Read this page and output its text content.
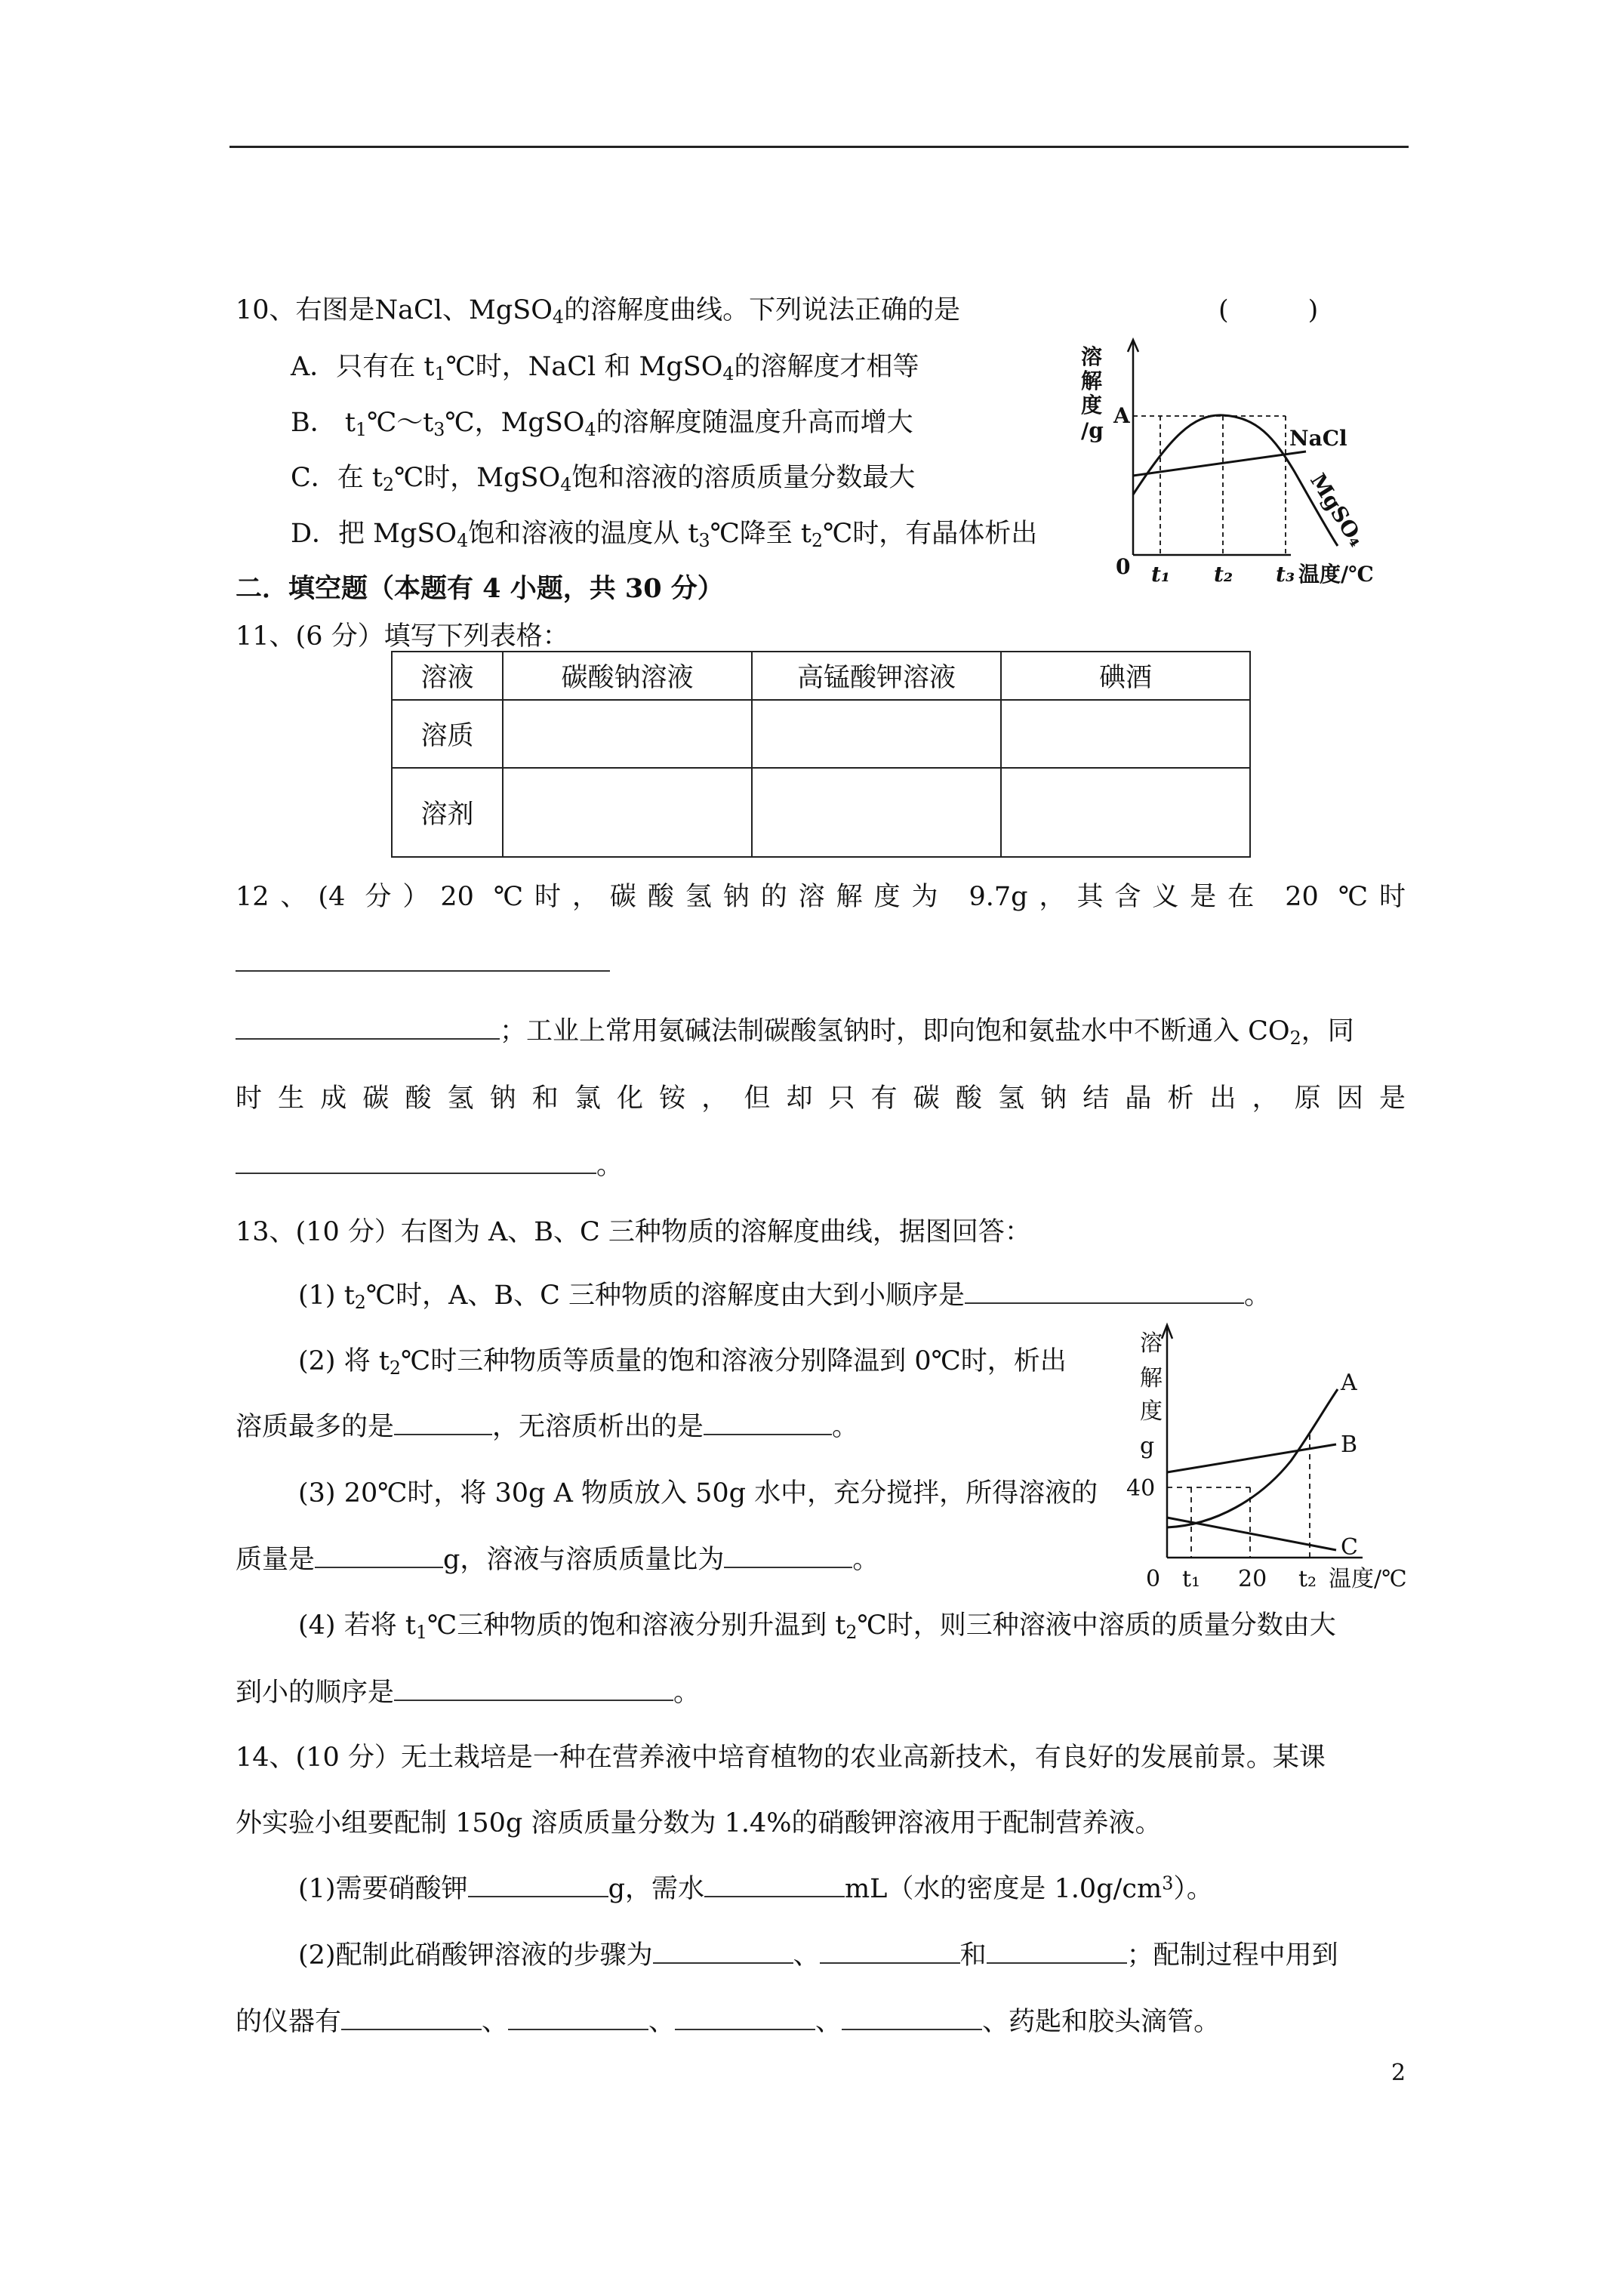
10、右图是NaCl、MgSO$_4$的溶解度曲线。下列说法正确的是	(　　　)
A．只有在 $t_1℃$时，NaCl 和 MgSO$_4$的溶解度才相等
B． $t_1℃\sim t_3℃$，MgSO$_4$的溶解度随温度升高而增大
C．在 $t_2℃$时，MgSO$_4$饱和溶液的溶质质量分数最大
D．把 MgSO$_4$饱和溶液的温度从 $t_3℃$降至 $t_2℃$时，有晶体析出
溶
解
度
/g
A
0 t₁ t₂ t₃ 温度/℃
NaCl
MgSO₄
二．填空题（本题有 4 小题，共 30 分）
11、(6 分）填写下列表格：
溶液	碳酸钠溶液	高锰酸钾溶液	碘酒
溶质			
溶剂			
12、(4 分）20 ℃时，碳酸氢钠的溶解度为 9.7g，其含义是在 20 ℃时
；工业上常用氨碱法制碳酸氢钠时，即向饱和氨盐水中不断通入 $CO_2$，同
时生成碳酸氢钠和氯化铵，但却只有碳酸氢钠结晶析出，原因是
。
13、(10 分）右图为 A、B、C 三种物质的溶解度曲线，据图回答：
(1) $t_2℃$时，A、B、C 三种物质的溶解度由大到小顺序是	。
(2) 将 $t_2℃$时三种物质等质量的饱和溶液分别降温到 0℃时，析出
溶质最多的是	，无溶质析出的是	。
(3) 20℃时，将 30g A 物质放入 50g 水中，充分搅拌，所得溶液的
质量是	g，溶液与溶质质量比为	。
(4) 若将 $t_1℃$三种物质的饱和溶液分别升温到 $t_2℃$时，则三种溶液中溶质的质量分数由大
到小的顺序是	。
溶
解
度
g
40
0 t₁ 20 t₂ 温度/℃
A
B
C
14、(10 分）无土栽培是一种在营养液中培育植物的农业高新技术，有良好的发展前景。某课
外实验小组要配制 150g 溶质质量分数为 1.4%的硝酸钾溶液用于配制营养液。
(1)需要硝酸钾	g，需水	mL（水的密度是 $1.0g/cm^3$）。
(2)配制此硝酸钾溶液的步骤为	、	和	；配制过程中用到
的仪器有	、	、	、	、药匙和胶头滴管。
2
